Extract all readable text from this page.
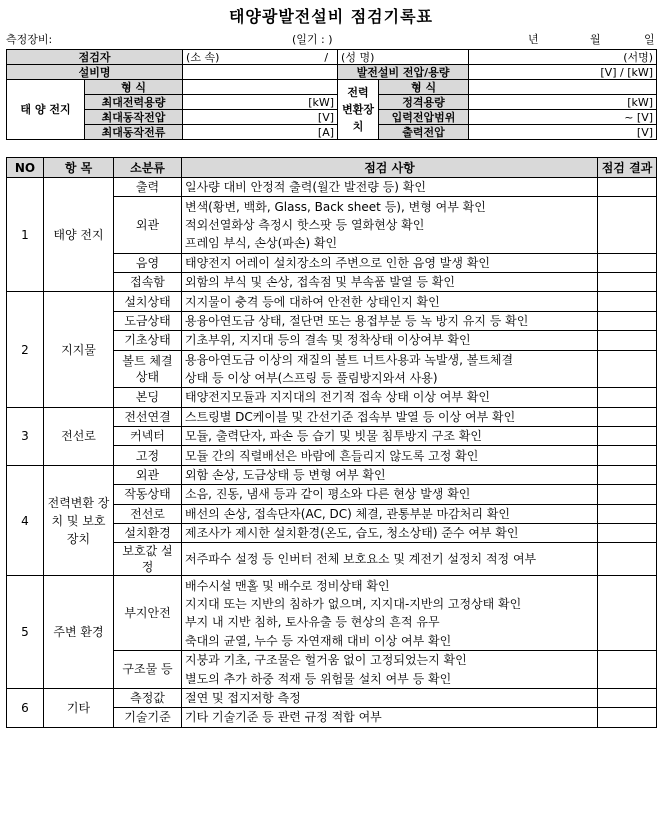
태양광발전설비 점검기록표
측정장비:	(일기 : )	년	월	일
점검자		(소 속) /	(성 명)		(서명)
설비명			발전설비 전압/용량		[V] / [kW]
태 양 전지	형 식		전력 변환장치	형 식	
	최대전력용량	[kW]		정격용량	[kW]
	최대동작전압	[V]		입력전압범위	~ [V]
	최대동작전류	[A]		출력전압	[V]
NO	항 목	소분류	점검 사항	점검 결과
1	태양 전지	출력	일사량 대비 안정적 출력(월간 발전량 등) 확인	
		외관	변색(황변, 백화, Glass, Back sheet 등), 변형 여부 확인	
			적외선열화상 측정시 핫스팟 등 열화현상 확인	
			프레임 부식, 손상(파손) 확인	
		음영	태양전지 어레이 설치장소의 주변으로 인한 음영 발생 확인	
		접속함	외함의 부식 및 손상, 접속점 및 부속품 발열 등 확인	
2	지지물	설치상태	지지물이 충격 등에 대하여 안전한 상태인지 확인	
		도금상태	용융아연도금 상태, 절단면 또는 용접부분 등 녹 방지 유지 등 확인	
		기초상태	기초부위, 지지대 등의 결속 및 정착상태 이상여부 확인	
		볼트 체결상태	용융아연도금 이상의 재질의 볼트 너트사용과 녹발생, 볼트체결	
			상태 등 이상 여부(스프링 등 풀림방지와셔 사용)	
		본딩	태양전지모듈과 지지대의 전기적 접속 상태 이상 여부 확인	
3	전선로	전선연결	스트링별 DC케이블 및 간선기준 접속부 발열 등 이상 여부 확인	
		커넥터	모듈, 출력단자, 파손 등 습기 및 빗물 침투방지 구조 확인	
		고정	모듈 간의 직렬배선은 바람에 흔들리지 않도록 고정 확인	
4	전력변환 장치 및 보호장치	외관	외함 손상, 도금상태 등 변형 여부 확인	
		작동상태	소음, 진동, 냄새 등과 같이 평소와 다른 현상 발생 확인	
		전선로	배선의 손상, 접속단자(AC, DC) 체결, 관통부분 마감처리 확인	
		설치환경	제조사가 제시한 설치환경(온도, 습도, 청소상태) 준수 여부 확인	
		보호값 설정	저주파수 설정 등 인버터 전체 보호요소 및 계전기 설정치 적정 여부	
5	주변 환경	부지안전	배수시설 맨홀 및 배수로 정비상태 확인	
			지지대 또는 지반의 침하가 없으며, 지지대-지반의 고정상태 확인	
			부지 내 지반 침하, 토사유출 등 현상의 흔적 유무	
			축대의 균열, 누수 등 자연재해 대비 이상 여부 확인	
		구조물 등	지붕과 기초, 구조물은 헐거움 없이 고정되었는지 확인	
			별도의 추가 하중 적재 등 위험물 설치 여부 등 확인	
6	기타	측정값	절연 및 접지저항 측정	
		기술기준	기타 기술기준 등 관련 규정 적합 여부	
